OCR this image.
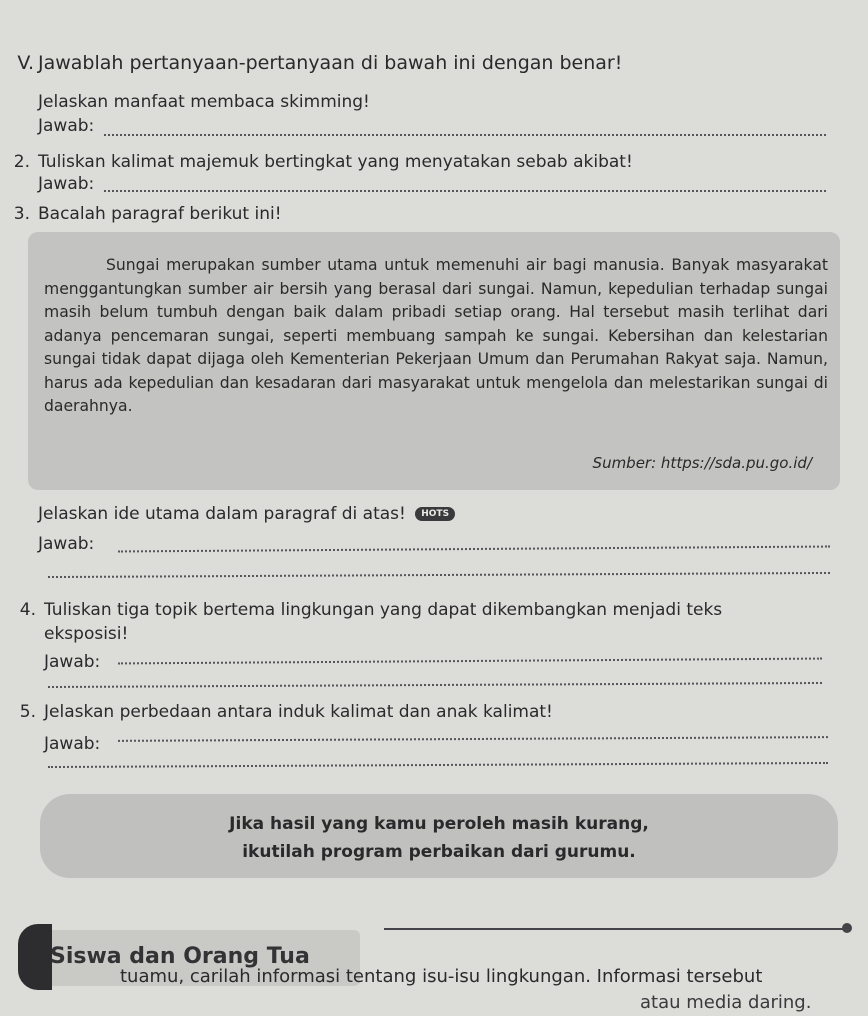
V. Jawablah pertanyaan-pertanyaan di bawah ini dengan benar!
Jelaskan manfaat membaca skimming!
Jawab:
2. Tuliskan kalimat majemuk bertingkat yang menyatakan sebab akibat!
Jawab:
3. Bacalah paragraf berikut ini!
Sungai merupakan sumber utama untuk memenuhi air bagi manusia. Banyak masyarakat menggantungkan sumber air bersih yang berasal dari sungai. Namun, kepedulian terhadap sungai masih belum tumbuh dengan baik dalam pribadi setiap orang. Hal tersebut masih terlihat dari adanya pencemaran sungai, seperti membuang sampah ke sungai. Kebersihan dan kelestarian sungai tidak dapat dijaga oleh Kementerian Pekerjaan Umum dan Perumahan Rakyat saja. Namun, harus ada kepedulian dan kesadaran dari masyarakat untuk mengelola dan melestarikan sungai di daerahnya.
Sumber: https://sda.pu.go.id/
Jelaskan ide utama dalam paragraf di atas! HOTS
Jawab:
4. Tuliskan tiga topik bertema lingkungan yang dapat dikembangkan menjadi teks
eksposisi!
Jawab:
5. Jelaskan perbedaan antara induk kalimat dan anak kalimat!
Jawab:
Jika hasil yang kamu peroleh masih kurang,
ikutilah program perbaikan dari gurumu.
Siswa dan Orang Tua
tuamu, carilah informasi tentang isu-isu lingkungan. Informasi tersebut
atau media daring.
